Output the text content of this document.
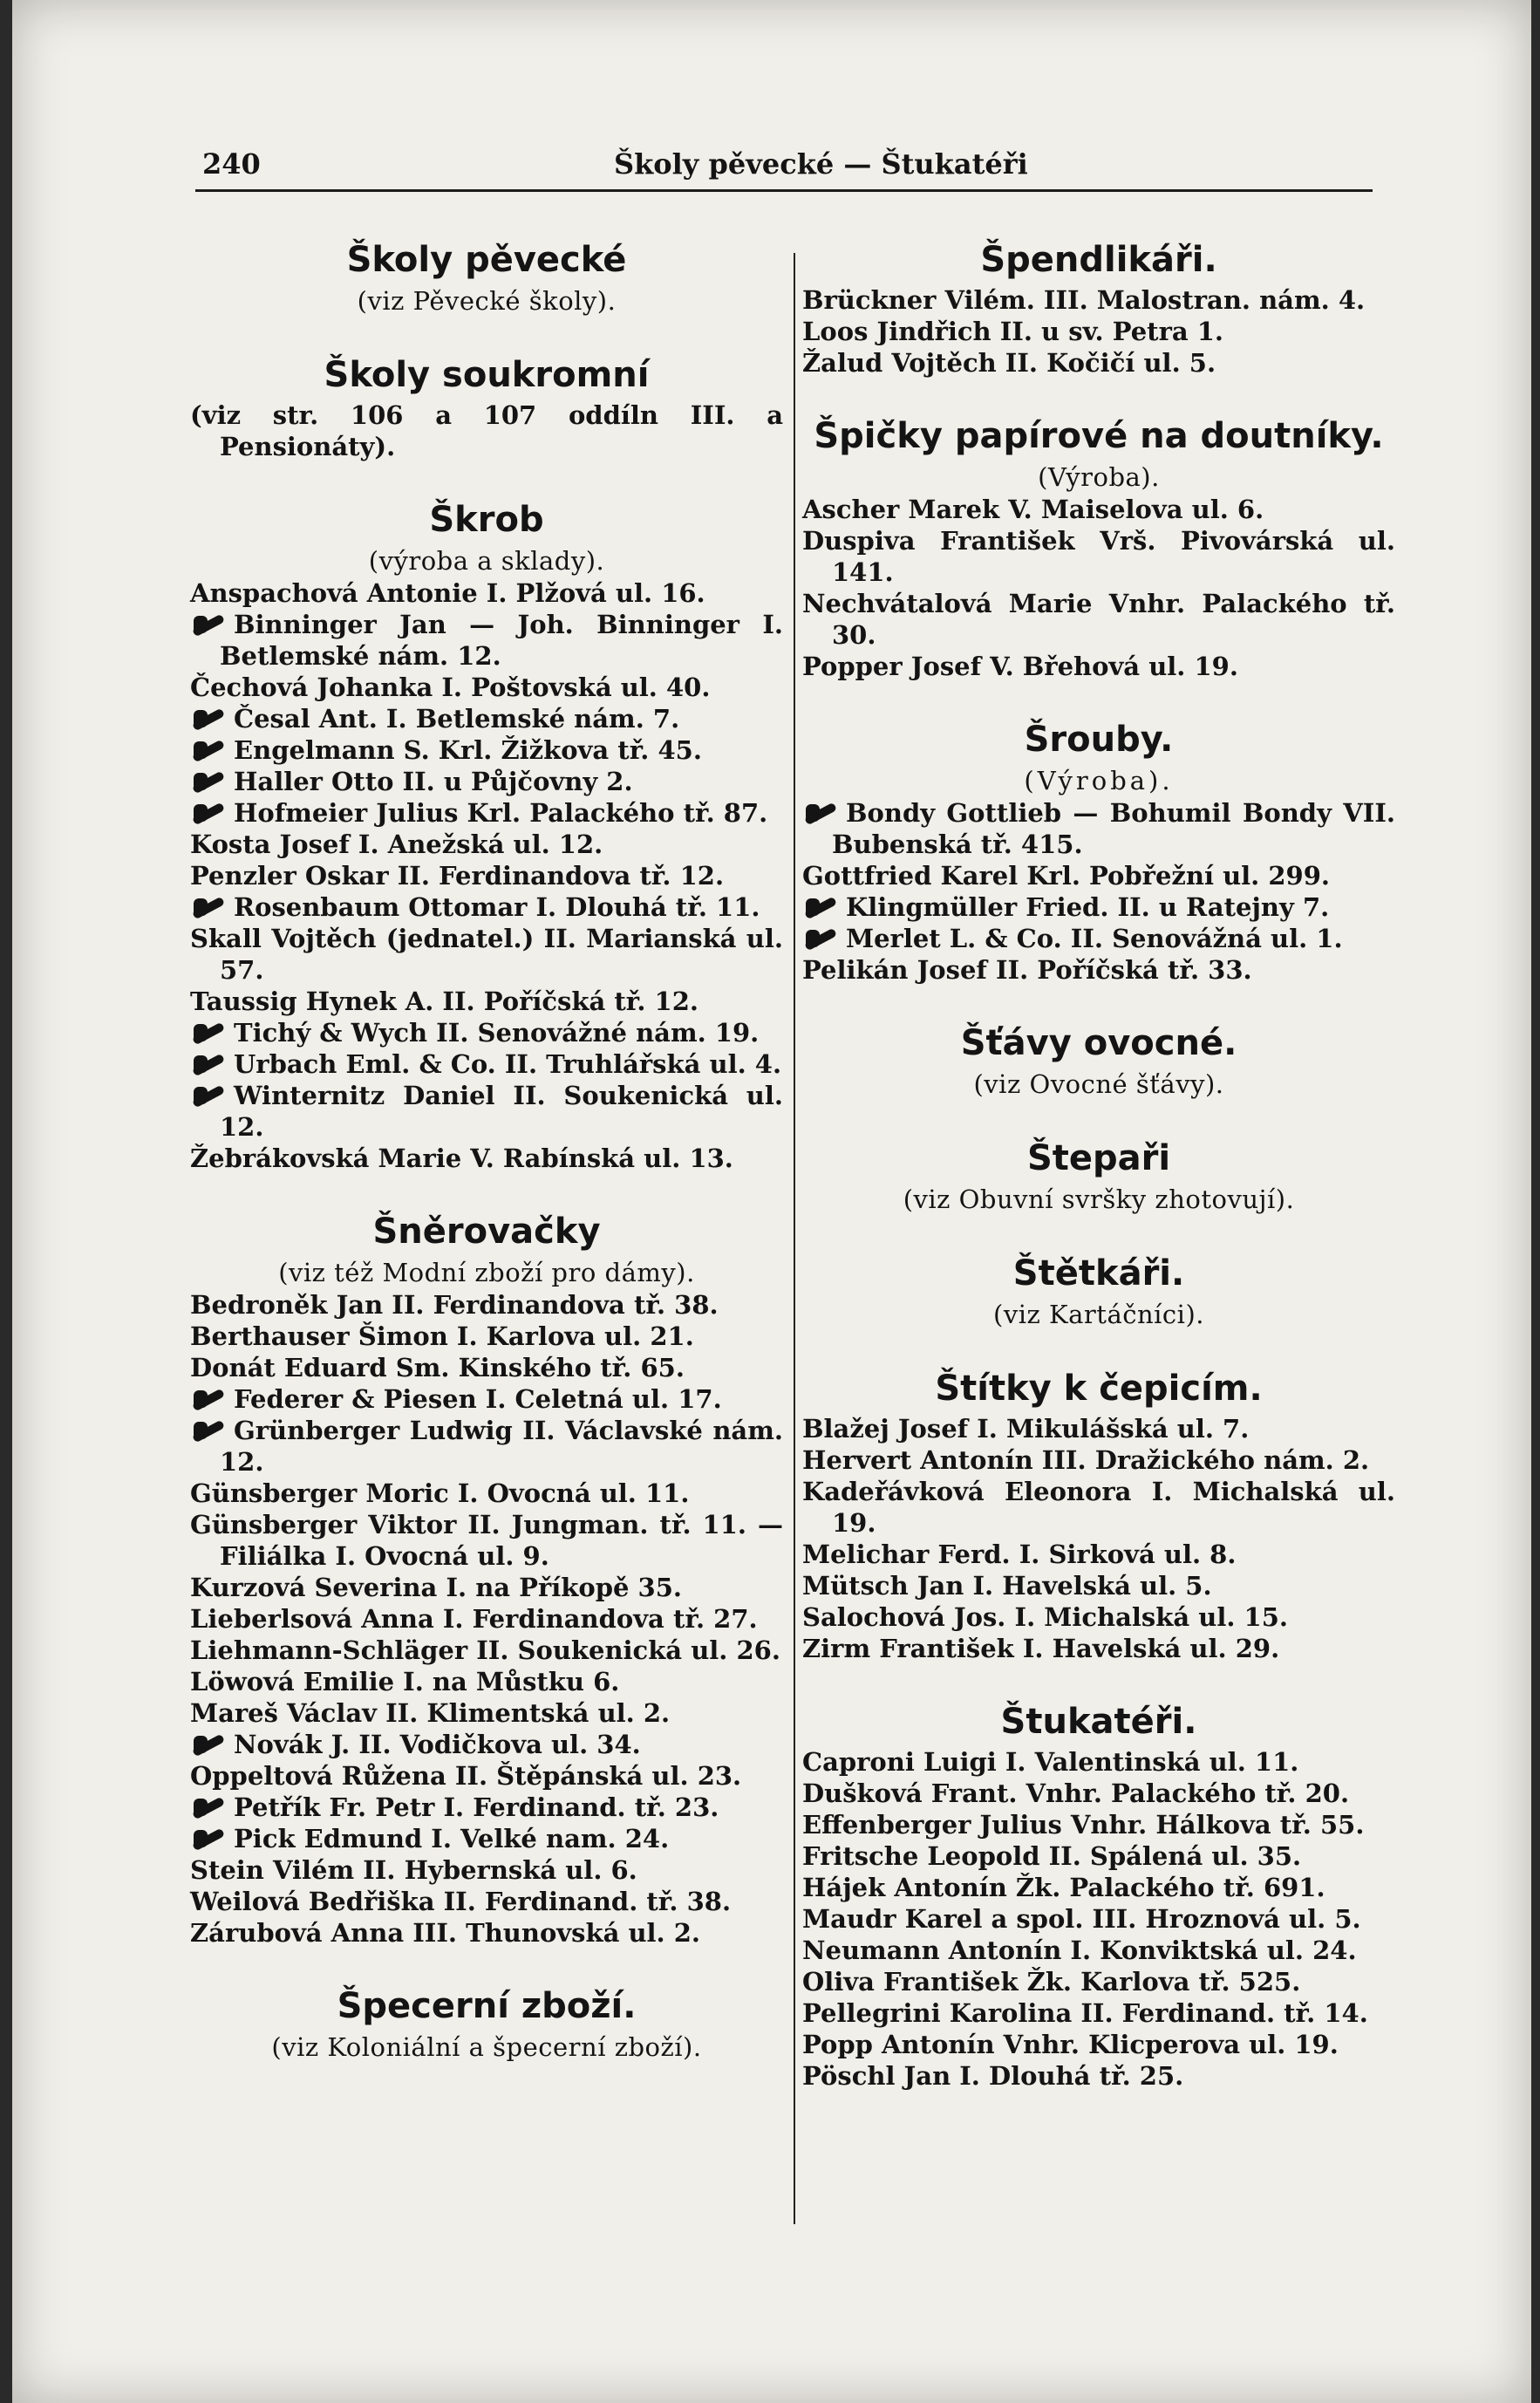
240	Školy pěvecké — Štukatéři
Školy pěvecké
(viz Pěvecké školy).
Školy soukromní
(viz str. 106 a 107 oddíln III. a Pensionáty).
Škrob
(výroba a sklady).
Anspachová Antonie I. Plžová ul. 16.
Binninger Jan — Joh. Binninger I. Betlemské nám. 12.
Čechová Johanka I. Poštovská ul. 40.
Česal Ant. I. Betlemské nám. 7.
Engelmann S. Krl. Žižkova tř. 45.
Haller Otto II. u Půjčovny 2.
Hofmeier Julius Krl. Palackého tř. 87.
Kosta Josef I. Anežská ul. 12.
Penzler Oskar II. Ferdinandova tř. 12.
Rosenbaum Ottomar I. Dlouhá tř. 11.
Skall Vojtěch (jednatel.) II. Marianská ul. 57.
Taussig Hynek A. II. Poříčská tř. 12.
Tichý & Wych II. Senovážné nám. 19.
Urbach Eml. & Co. II. Truhlářská ul. 4.
Winternitz Daniel II. Soukenická ul. 12.
Žebrákovská Marie V. Rabínská ul. 13.
Šněrovačky
(viz též Modní zboží pro dámy).
Bedroněk Jan II. Ferdinandova tř. 38.
Berthauser Šimon I. Karlova ul. 21.
Donát Eduard Sm. Kinského tř. 65.
Federer & Piesen I. Celetná ul. 17.
Grünberger Ludwig II. Václavské nám. 12.
Günsberger Moric I. Ovocná ul. 11.
Günsberger Viktor II. Jungman. tř. 11. — Filiálka I. Ovocná ul. 9.
Kurzová Severina I. na Příkopě 35.
Lieberlsová Anna I. Ferdinandova tř. 27.
Liehmann-Schläger II. Soukenická ul. 26.
Löwová Emilie I. na Můstku 6.
Mareš Václav II. Klimentská ul. 2.
Novák J. II. Vodičkova ul. 34.
Oppeltová Růžena II. Štěpánská ul. 23.
Petřík Fr. Petr I. Ferdinand. tř. 23.
Pick Edmund I. Velké nam. 24.
Stein Vilém II. Hybernská ul. 6.
Weilová Bedřiška II. Ferdinand. tř. 38.
Zárubová Anna III. Thunovská ul. 2.
Špecerní zboží.
(viz Koloniální a špecerní zboží).
Špendlikáři.
Brückner Vilém. III. Malostran. nám. 4.
Loos Jindřich II. u sv. Petra 1.
Žalud Vojtěch II. Kočičí ul. 5.
Špičky papírové na doutníky.
(Výroba).
Ascher Marek V. Maiselova ul. 6.
Duspiva František Vrš. Pivovárská ul. 141.
Nechvátalová Marie Vnhr. Palackého tř. 30.
Popper Josef V. Břehová ul. 19.
Šrouby.
(Výroba).
Bondy Gottlieb — Bohumil Bondy VII. Bubenská tř. 415.
Gottfried Karel Krl. Pobřežní ul. 299.
Klingmüller Fried. II. u Ratejny 7.
Merlet L. & Co. II. Senovážná ul. 1.
Pelikán Josef II. Poříčská tř. 33.
Šťávy ovocné.
(viz Ovocné šťávy).
Štepaři
(viz Obuvní svršky zhotovují).
Štětkáři.
(viz Kartáčníci).
Štítky k čepicím.
Blažej Josef I. Mikulášská ul. 7.
Hervert Antonín III. Dražického nám. 2.
Kadeřávková Eleonora I. Michalská ul. 19.
Melichar Ferd. I. Sirková ul. 8.
Mütsch Jan I. Havelská ul. 5.
Salochová Jos. I. Michalská ul. 15.
Zirm František I. Havelská ul. 29.
Štukatéři.
Caproni Luigi I. Valentinská ul. 11.
Dušková Frant. Vnhr. Palackého tř. 20.
Effenberger Julius Vnhr. Hálkova tř. 55.
Fritsche Leopold II. Spálená ul. 35.
Hájek Antonín Žk. Palackého tř. 691.
Maudr Karel a spol. III. Hroznová ul. 5.
Neumann Antonín I. Konviktská ul. 24.
Oliva František Žk. Karlova tř. 525.
Pellegrini Karolina II. Ferdinand. tř. 14.
Popp Antonín Vnhr. Klicperova ul. 19.
Pöschl Jan I. Dlouhá tř. 25.
